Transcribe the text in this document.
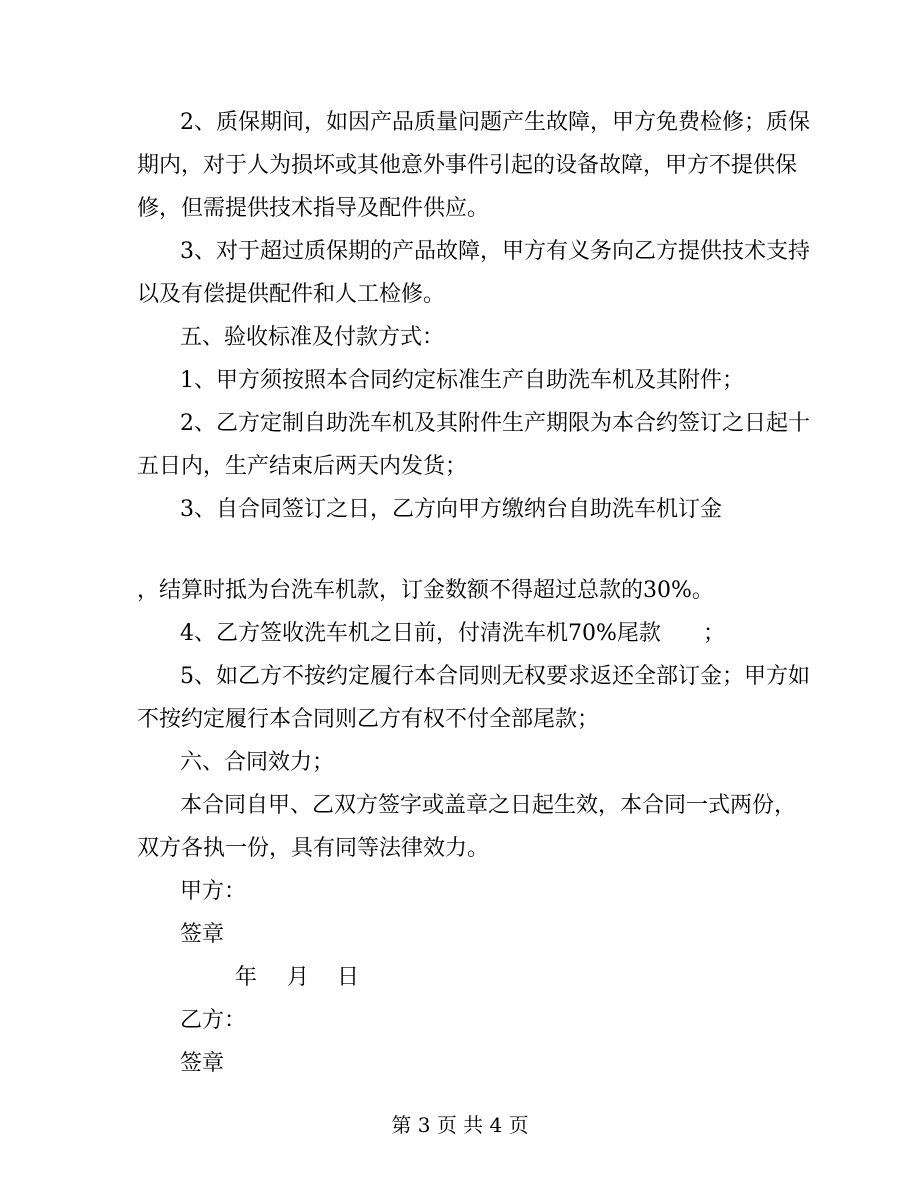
2、质保期间，如因产品质量问题产生故障，甲方免费检修；质保
期内，对于人为损坏或其他意外事件引起的设备故障，甲方不提供保
修，但需提供技术指导及配件供应。
3、对于超过质保期的产品故障，甲方有义务向乙方提供技术支持
以及有偿提供配件和人工检修。
五、验收标准及付款方式：
1、甲方须按照本合同约定标准生产自助洗车机及其附件；
2、乙方定制自助洗车机及其附件生产期限为本合约签订之日起十
五日内，生产结束后两天内发货；
3、自合同签订之日，乙方向甲方缴纳台自助洗车机订金
，结算时抵为台洗车机款，订金数额不得超过总款的30%。
4、乙方签收洗车机之日前，付清洗车机70%尾款 ；
5、如乙方不按约定履行本合同则无权要求返还全部订金；甲方如
不按约定履行本合同则乙方有权不付全部尾款；
六、合同效力；
本合同自甲、乙双方签字或盖章之日起生效，本合同一式两份，
双方各执一份，具有同等法律效力。
甲方：
签章
年 月 日
乙方：
签章
第 3 页 共 4 页
